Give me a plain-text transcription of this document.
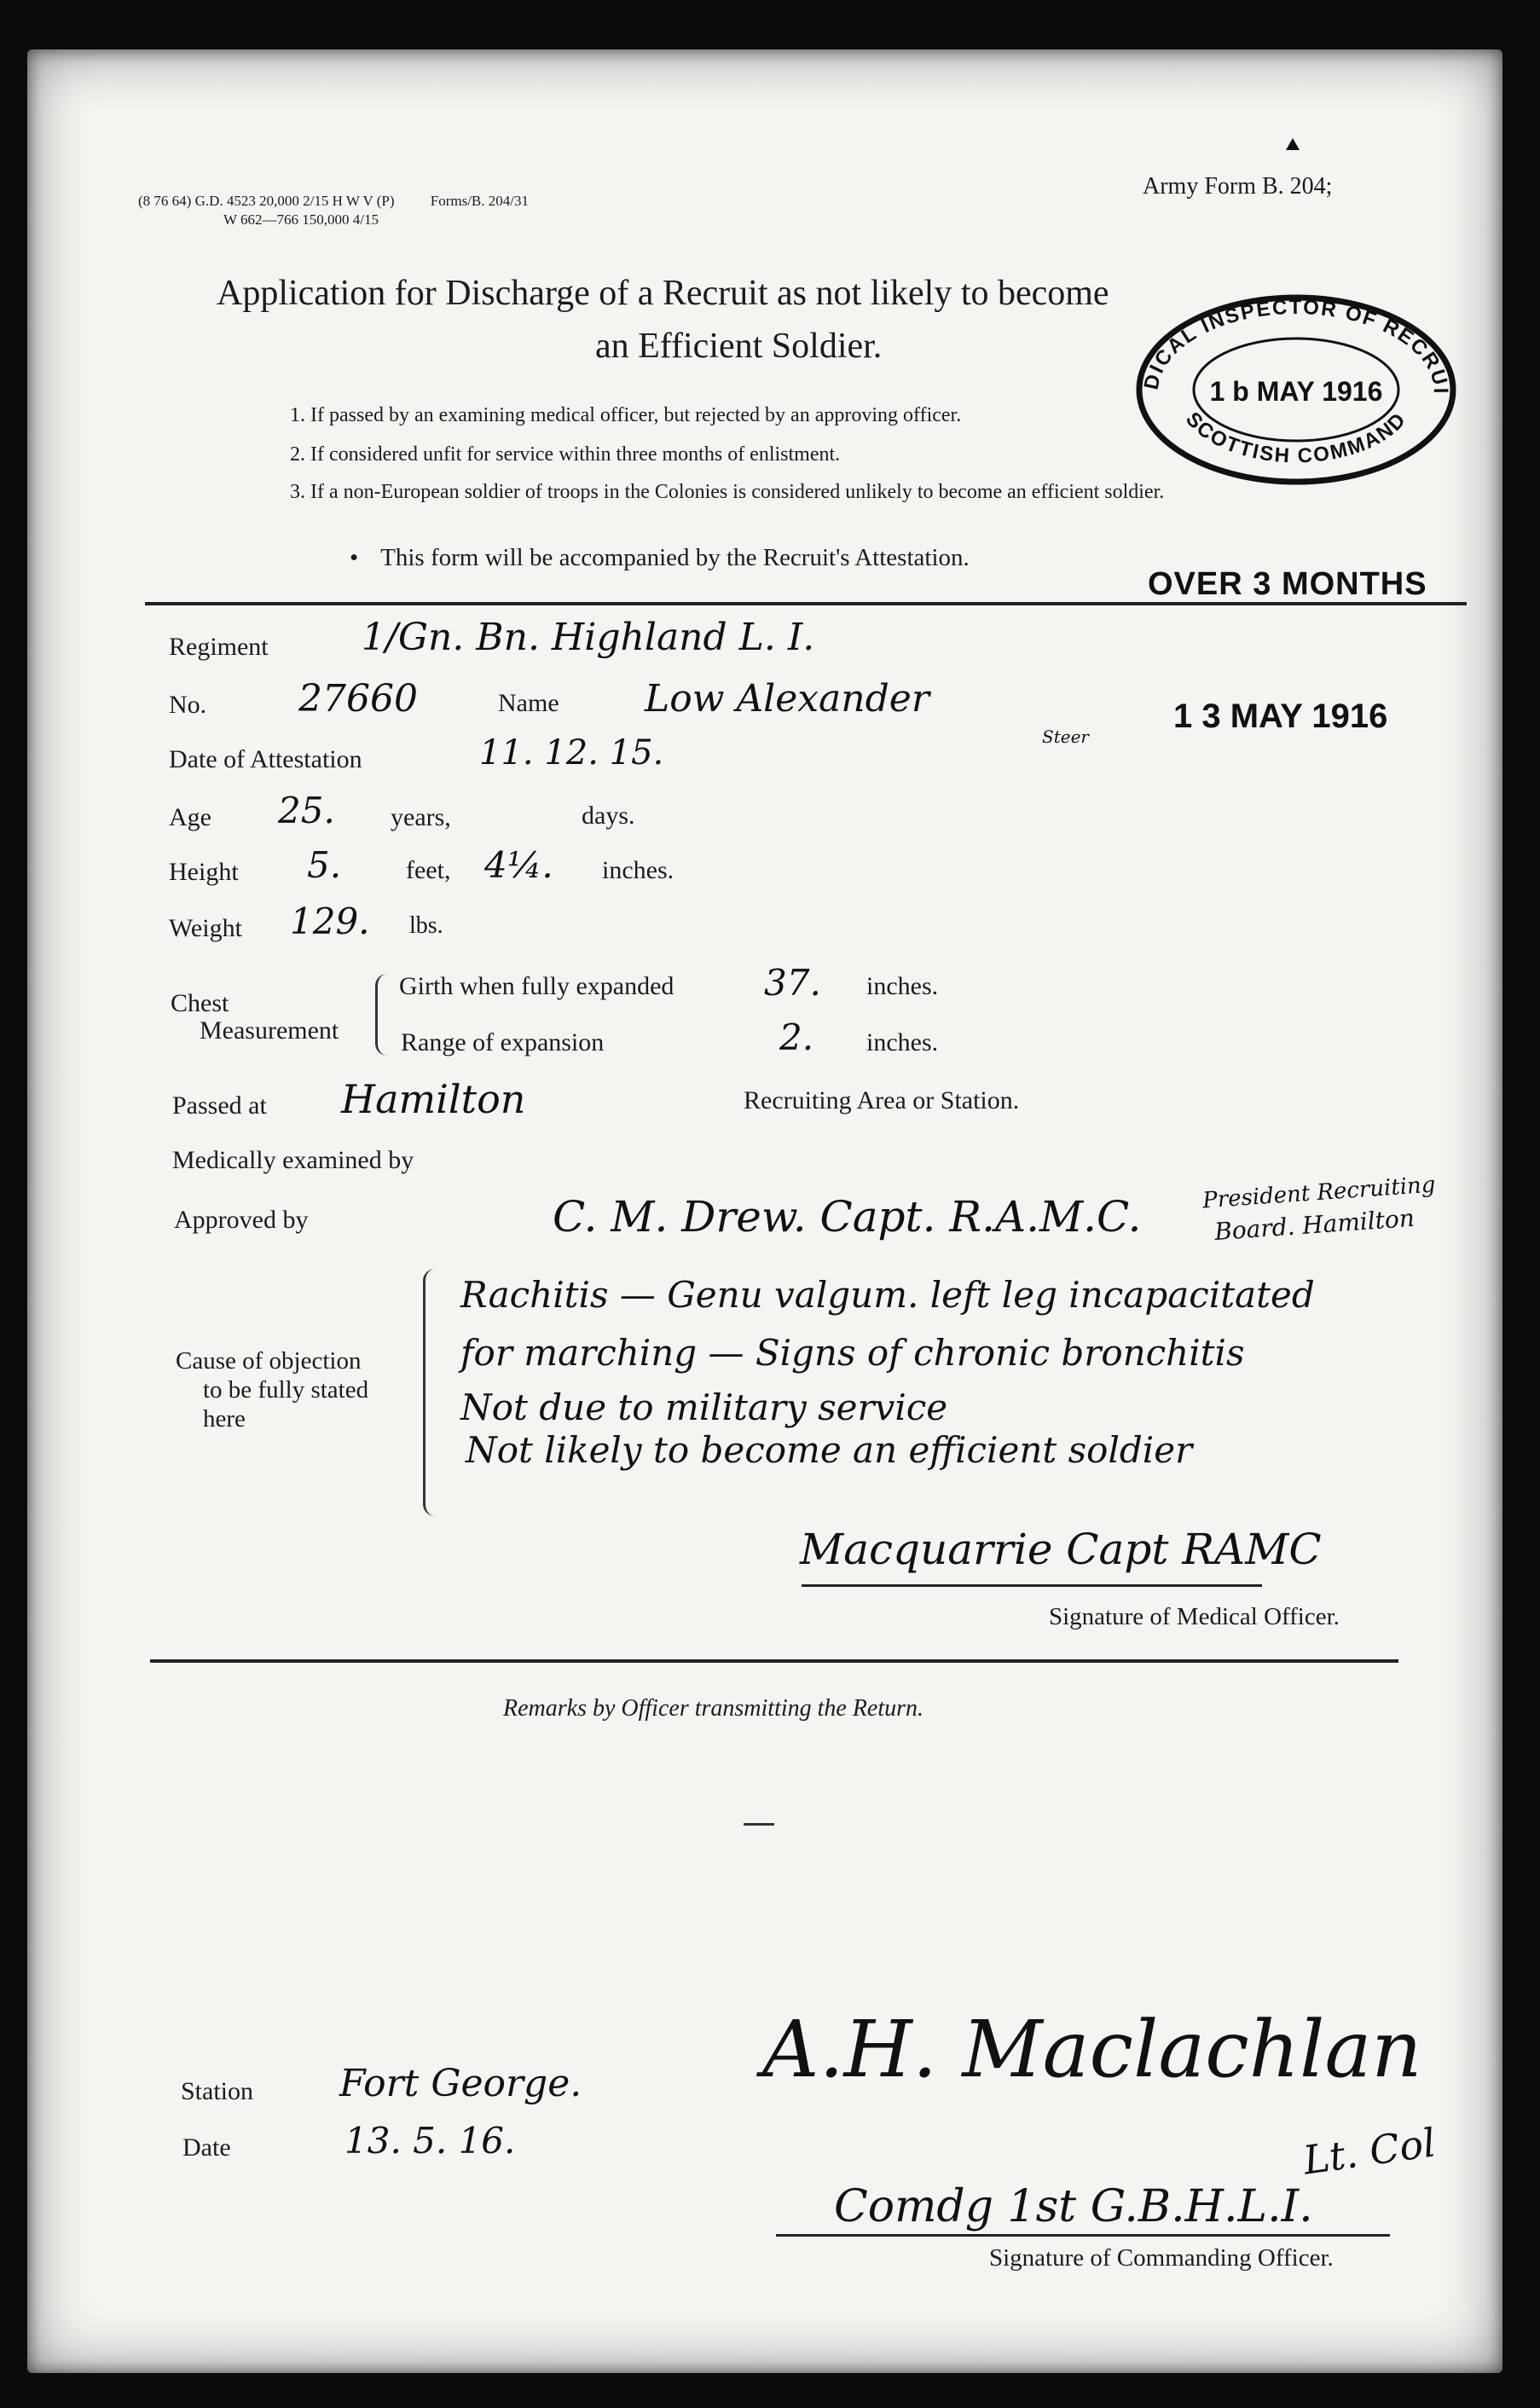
(8 76 64) G.D. 4523 20,000 2/15 H W V (P) Forms/B. 204/31
W 662—766 150,000 4/15
Army Form B. 204;
Application for Discharge of a Recruit as not likely to become
an Efficient Soldier.
1. If passed by an examining medical officer, but rejected by an approving officer.
2. If considered unfit for service within three months of enlistment.
3. If a non-European soldier of troops in the Colonies is considered unlikely to become an efficient soldier.
• This form will be accompanied by the Recruit's Attestation.
DICAL INSPECTOR OF RECRUI
SCOTTISH COMMAND
1 b MAY 1916
OVER 3 MONTHS
Regiment 1/Gn. Bn. Highland L. I.
No. 27660	Name Low Alexander
Steer
1 3 MAY 1916
Date of Attestation	11. 12. 15.
Age 25. years,	days.
Height 5.	feet, 4¼. inches.
Weight 129. lbs.
Chest
Measurement
Girth when fully expanded	37. inches.
Range of expansion	2. inches.
Passed at Hamilton	Recruiting Area or Station.
Medically examined by
Approved by	C. M. Drew. Capt. R.A.M.C.	President Recruiting
Board. Hamilton
Cause of objection
to be fully stated
here
Rachitis — Genu valgum. left leg incapacitated
for marching — Signs of chronic bronchitis
Not due to military service
Not likely to become an efficient soldier
Macquarrie Capt RAMC
Signature of Medical Officer.
Remarks by Officer transmitting the Return.
Station Fort George.
Date	13. 5. 16.
A.H. Maclachlan
Lt. Col
Comdg 1st G.B.H.L.I.
Signature of Commanding Officer.
